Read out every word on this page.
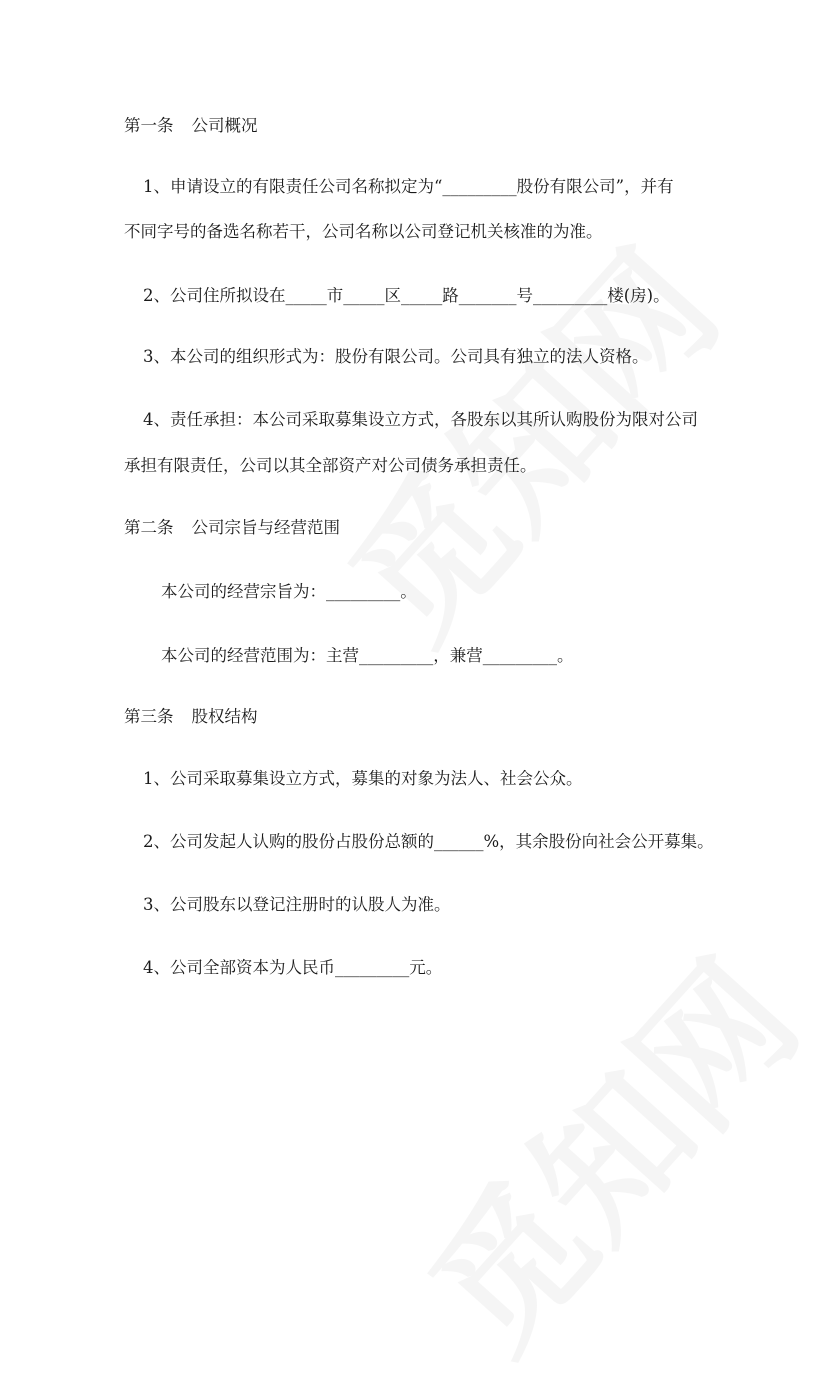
第一条 公司概况

1、申请设立的有限责任公司名称拟定为“_________股份有限公司”，并有

不同字号的备选名称若干，公司名称以公司登记机关核准的为准。

2、公司住所拟设在_____市_____区_____路_______号_________楼(房)。

3、本公司的组织形式为：股份有限公司。公司具有独立的法人资格。

4、责任承担：本公司采取募集设立方式，各股东以其所认购股份为限对公司

承担有限责任，公司以其全部资产对公司债务承担责任。

第二条 公司宗旨与经营范围

本公司的经营宗旨为：_________。

本公司的经营范围为：主营_________，兼营_________。

第三条 股权结构

1、公司采取募集设立方式，募集的对象为法人、社会公众。

2、公司发起人认购的股份占股份总额的______%，其余股份向社会公开募集。

3、公司股东以登记注册时的认股人为准。

4、公司全部资本为人民币_________元。
